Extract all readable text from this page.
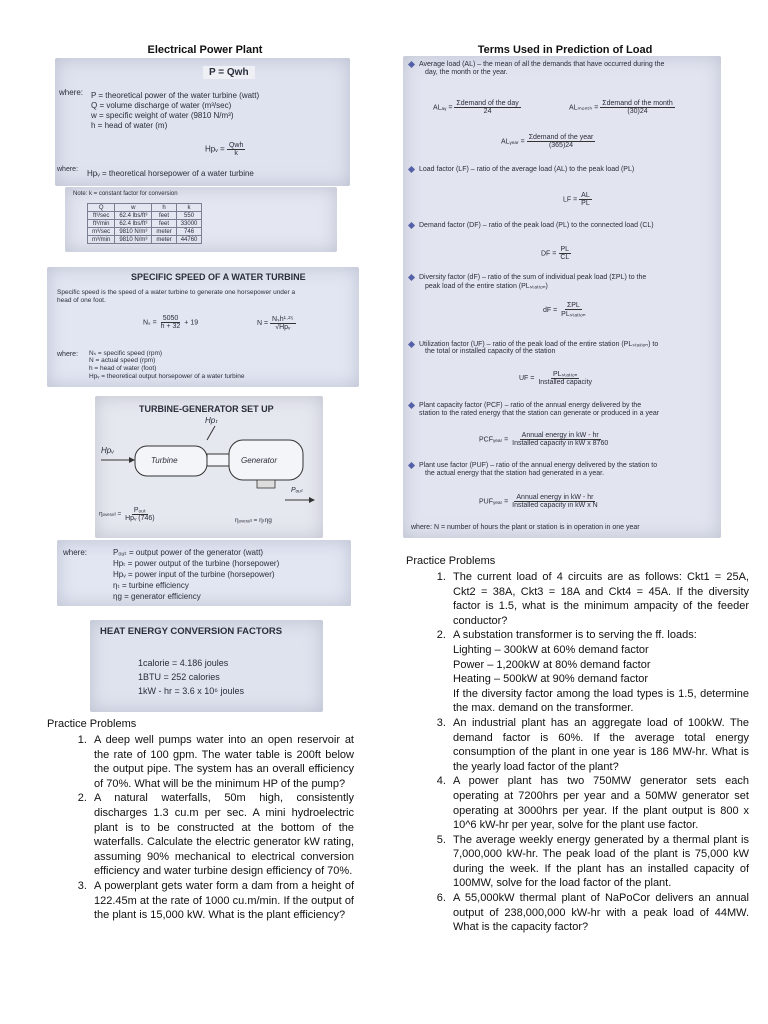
Electrical Power Plant
P = Qwh
where: P = theoretical power of the water turbine (watt)
Q = volume discharge of water (m³/sec)
w = specific weight of water (9810 N/m³)
h = head of water (m)
Hpᵥ = $\frac{\text{Qwh}}{k}$
where: Hpᵥ = theoretical horsepower of a water turbine
Note: k = constant factor for conversion
Q	w	h	k
ft³/sec	62.4 lbs/ft³	feet	550
ft³/min	62.4 lbs/ft³	feet	33000
m³/sec	9810 N/m³	meter	746
m³/min	9810 N/m³	meter	44760
SPECIFIC SPEED OF A WATER TURBINE
Specific speed is the speed of a water turbine to generate one horsepower under a
head of one foot.
$N_s = \frac{5050}{h + 32} + 19$	$N = \frac{\text{Nₛh¹·²⁵}}{\text{√Hpᵥ}}$
where: Nₛ = specific speed (rpm)
N = actual speed (rpm)
h = head of water (foot)
Hpᵥ = theoretical output horsepower of a water turbine
TURBINE-GENERATOR SET UP
Hpₜ
Hpᵥ
Turbine	Generator
Pₒᵤₜ
ηₒᵥₑᵣₐₗₗ = $\frac{\text{Pₒᵤₜ}}{\text{Hpᵥ (746)}}$	ηₒᵥₑᵣₐₗₗ = ηₜηg
where:	Pₒᵤₜ = output power of the generator (watt)
Hpₜ = power output of the turbine (horsepower)
Hpᵥ = power input of the turbine (horsepower)
ηₜ = turbine efficiency
ηg = generator efficiency
HEAT ENERGY CONVERSION FACTORS
1calorie = 4.186 joules
1BTU = 252 calories
1kW - hr = 3.6 x 10⁶ joules
Practice Problems
1. A deep well pumps water into an open reservoir at the rate of 100 gpm. The water table is 200ft below the output pipe. The system has an overall efficiency of 70%. What will be the minimum HP of the pump?
2. A natural waterfalls, 50m high, consistently discharges 1.3 cu.m per sec. A mini hydroelectric plant is to be constructed at the bottom of the waterfalls. Calculate the electric generator kW rating, assuming 90% mechanical to electrical conversion efficiency and water turbine design efficiency of 70%.
3. A powerplant gets water form a dam from a height of 122.45m at the rate of 1000 cu.m/min. If the output of the plant is 15,000 kW. What is the plant efficiency?
Terms Used in Prediction of Load
Average load (AL) – the mean of all the demands that have occurred during the
day, the month or the year.
ALₐᵧ = $\frac{\text{Σdemand of the day}}{24}$	$AL_{month} = \frac{\text{Σdemand of the month}}{(30)24}$
ALᵧₑₐᵣ = $\frac{\text{Σdemand of the year}}{(365)24}$
Load factor (LF) – ratio of the average load (AL) to the peak load (PL)
LF = $\frac{AL}{PL}$
Demand factor (DF) – ratio of the peak load (PL) to the connected load (CL)
DF = $\frac{PL}{CL}$
Diversity factor (dF) – ratio of the sum of individual peak load (ΣPL) to the
peak load of the entire station (PLₛₜₐₜᵢₒₙ)
dF = $\frac{\text{ΣPL}}{\text{PLₛₜₐₜᵢₒₙ}}$
Utilization factor (UF) – ratio of the peak load of the entire station (PLₛₜₐₜᵢₒₙ) to
the total or installed capacity of the station
UF = $\frac{\text{PLₛₜₐₜᵢₒₙ}}{\text{Installed capacity}}$
Plant capacity factor (PCF) – ratio of the annual energy delivered by the
station to the rated energy that the station can generate or produced in a year
PCFᵧₑₐᵣ = $\frac{\text{Annual energy in kW - hr}}{\text{Installed capacity in kW x 8760}}$
Plant use factor (PUF) – ratio of the annual energy delivered by the station to
the actual energy that the station had generated in a year.
PUFᵧₑₐᵣ = $\frac{\text{Annual energy in kW - hr}}{\text{Installed capacity in kW x N}}$
where: N = number of hours the plant or station is in operation in one year
Practice Problems
1. The current load of 4 circuits are as follows: Ckt1 = 25A, Ckt2 = 38A, Ckt3 = 18A and Ckt4 = 45A. If the diversity factor is 1.5, what is the minimum ampacity of the feeder conductor?
2. A substation transformer is to serving the ff. loads:
Lighting – 300kW at 60% demand factor
Power – 1,200kW at 80% demand factor
Heating – 500kW at 90% demand factor
If the diversity factor among the load types is 1.5, determine the max. demand on the transformer.
3. An industrial plant has an aggregate load of 100kW. The demand factor is 60%. If the average total energy consumption of the plant in one year is 186 MW-hr. What is the yearly load factor of the plant?
4. A power plant has two 750MW generator sets each operating at 7200hrs per year and a 50MW generator set operating at 3000hrs per year. If the plant output is 800 x 10^6 kW-hr per year, solve for the plant use factor.
5. The average weekly energy generated by a thermal plant is 7,000,000 kW-hr. The peak load of the plant is 75,000 kW during the week. If the plant has an installed capacity of 100MW, solve for the load factor of the plant.
6. A 55,000kW thermal plant of NaPoCor delivers an annual output of 238,000,000 kW-hr with a peak load of 44MW. What is the capacity factor?
